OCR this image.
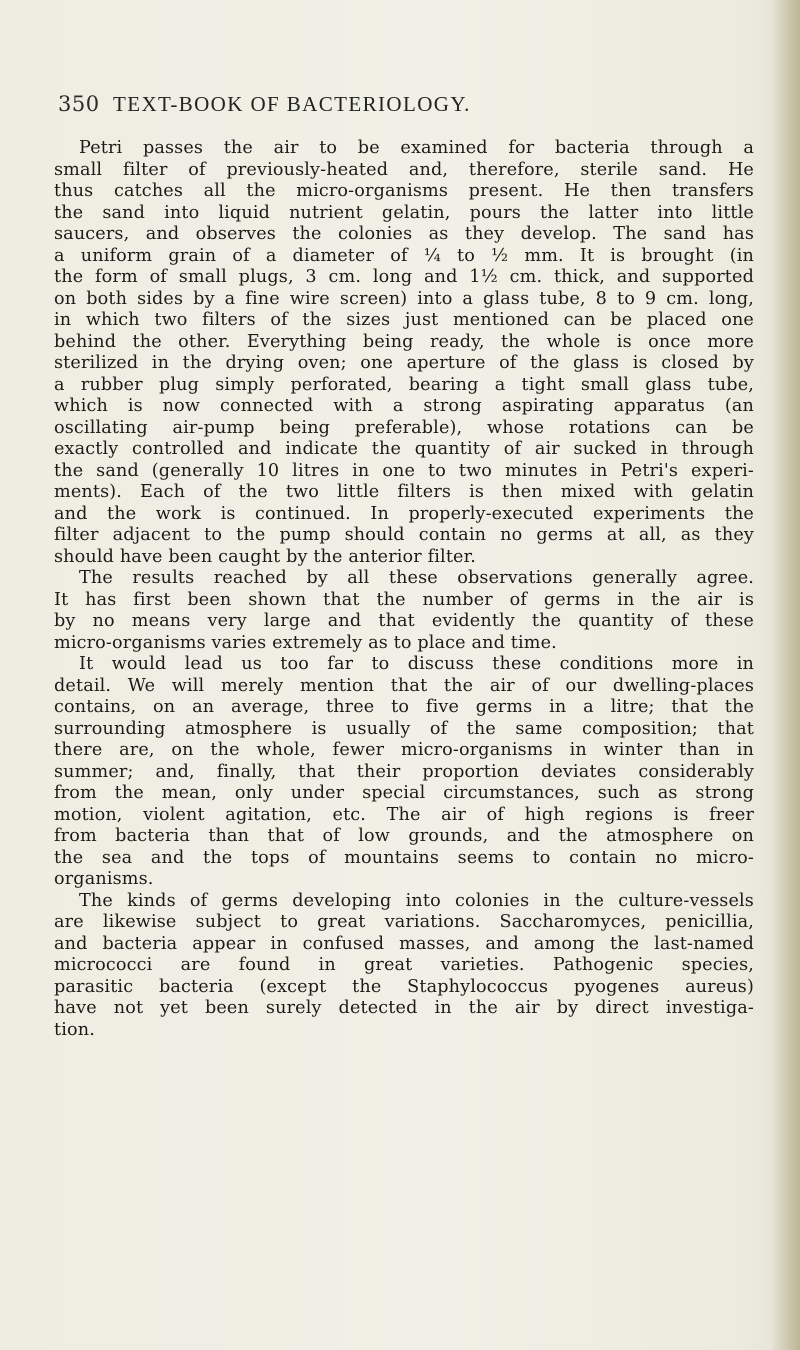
350 TEXT-BOOK OF BACTERIOLOGY.
Petri passes the air to be examined for bacteria through a
small filter of previously-heated and, therefore, sterile sand. He
thus catches all the micro-organisms present. He then transfers
the sand into liquid nutrient gelatin, pours the latter into little
saucers, and observes the colonies as they develop. The sand has
a uniform grain of a diameter of ¼ to ½ mm. It is brought (in
the form of small plugs, 3 cm. long and 1½ cm. thick, and supported
on both sides by a fine wire screen) into a glass tube, 8 to 9 cm. long,
in which two filters of the sizes just mentioned can be placed one
behind the other. Everything being ready, the whole is once more
sterilized in the drying oven; one aperture of the glass is closed by
a rubber plug simply perforated, bearing a tight small glass tube,
which is now connected with a strong aspirating apparatus (an
oscillating air-pump being preferable), whose rotations can be
exactly controlled and indicate the quantity of air sucked in through
the sand (generally 10 litres in one to two minutes in Petri's experi-
ments). Each of the two little filters is then mixed with gelatin
and the work is continued. In properly-executed experiments the
filter adjacent to the pump should contain no germs at all, as they
should have been caught by the anterior filter.
The results reached by all these observations generally agree.
It has first been shown that the number of germs in the air is
by no means very large and that evidently the quantity of these
micro-organisms varies extremely as to place and time.
It would lead us too far to discuss these conditions more in
detail. We will merely mention that the air of our dwelling-places
contains, on an average, three to five germs in a litre; that the
surrounding atmosphere is usually of the same composition; that
there are, on the whole, fewer micro-organisms in winter than in
summer; and, finally, that their proportion deviates considerably
from the mean, only under special circumstances, such as strong
motion, violent agitation, etc. The air of high regions is freer
from bacteria than that of low grounds, and the atmosphere on
the sea and the tops of mountains seems to contain no micro-
organisms.
The kinds of germs developing into colonies in the culture-vessels
are likewise subject to great variations. Saccharomyces, penicillia,
and bacteria appear in confused masses, and among the last-named
micrococci are found in great varieties. Pathogenic species,
parasitic bacteria (except the Staphylococcus pyogenes aureus)
have not yet been surely detected in the air by direct investiga-
tion.
